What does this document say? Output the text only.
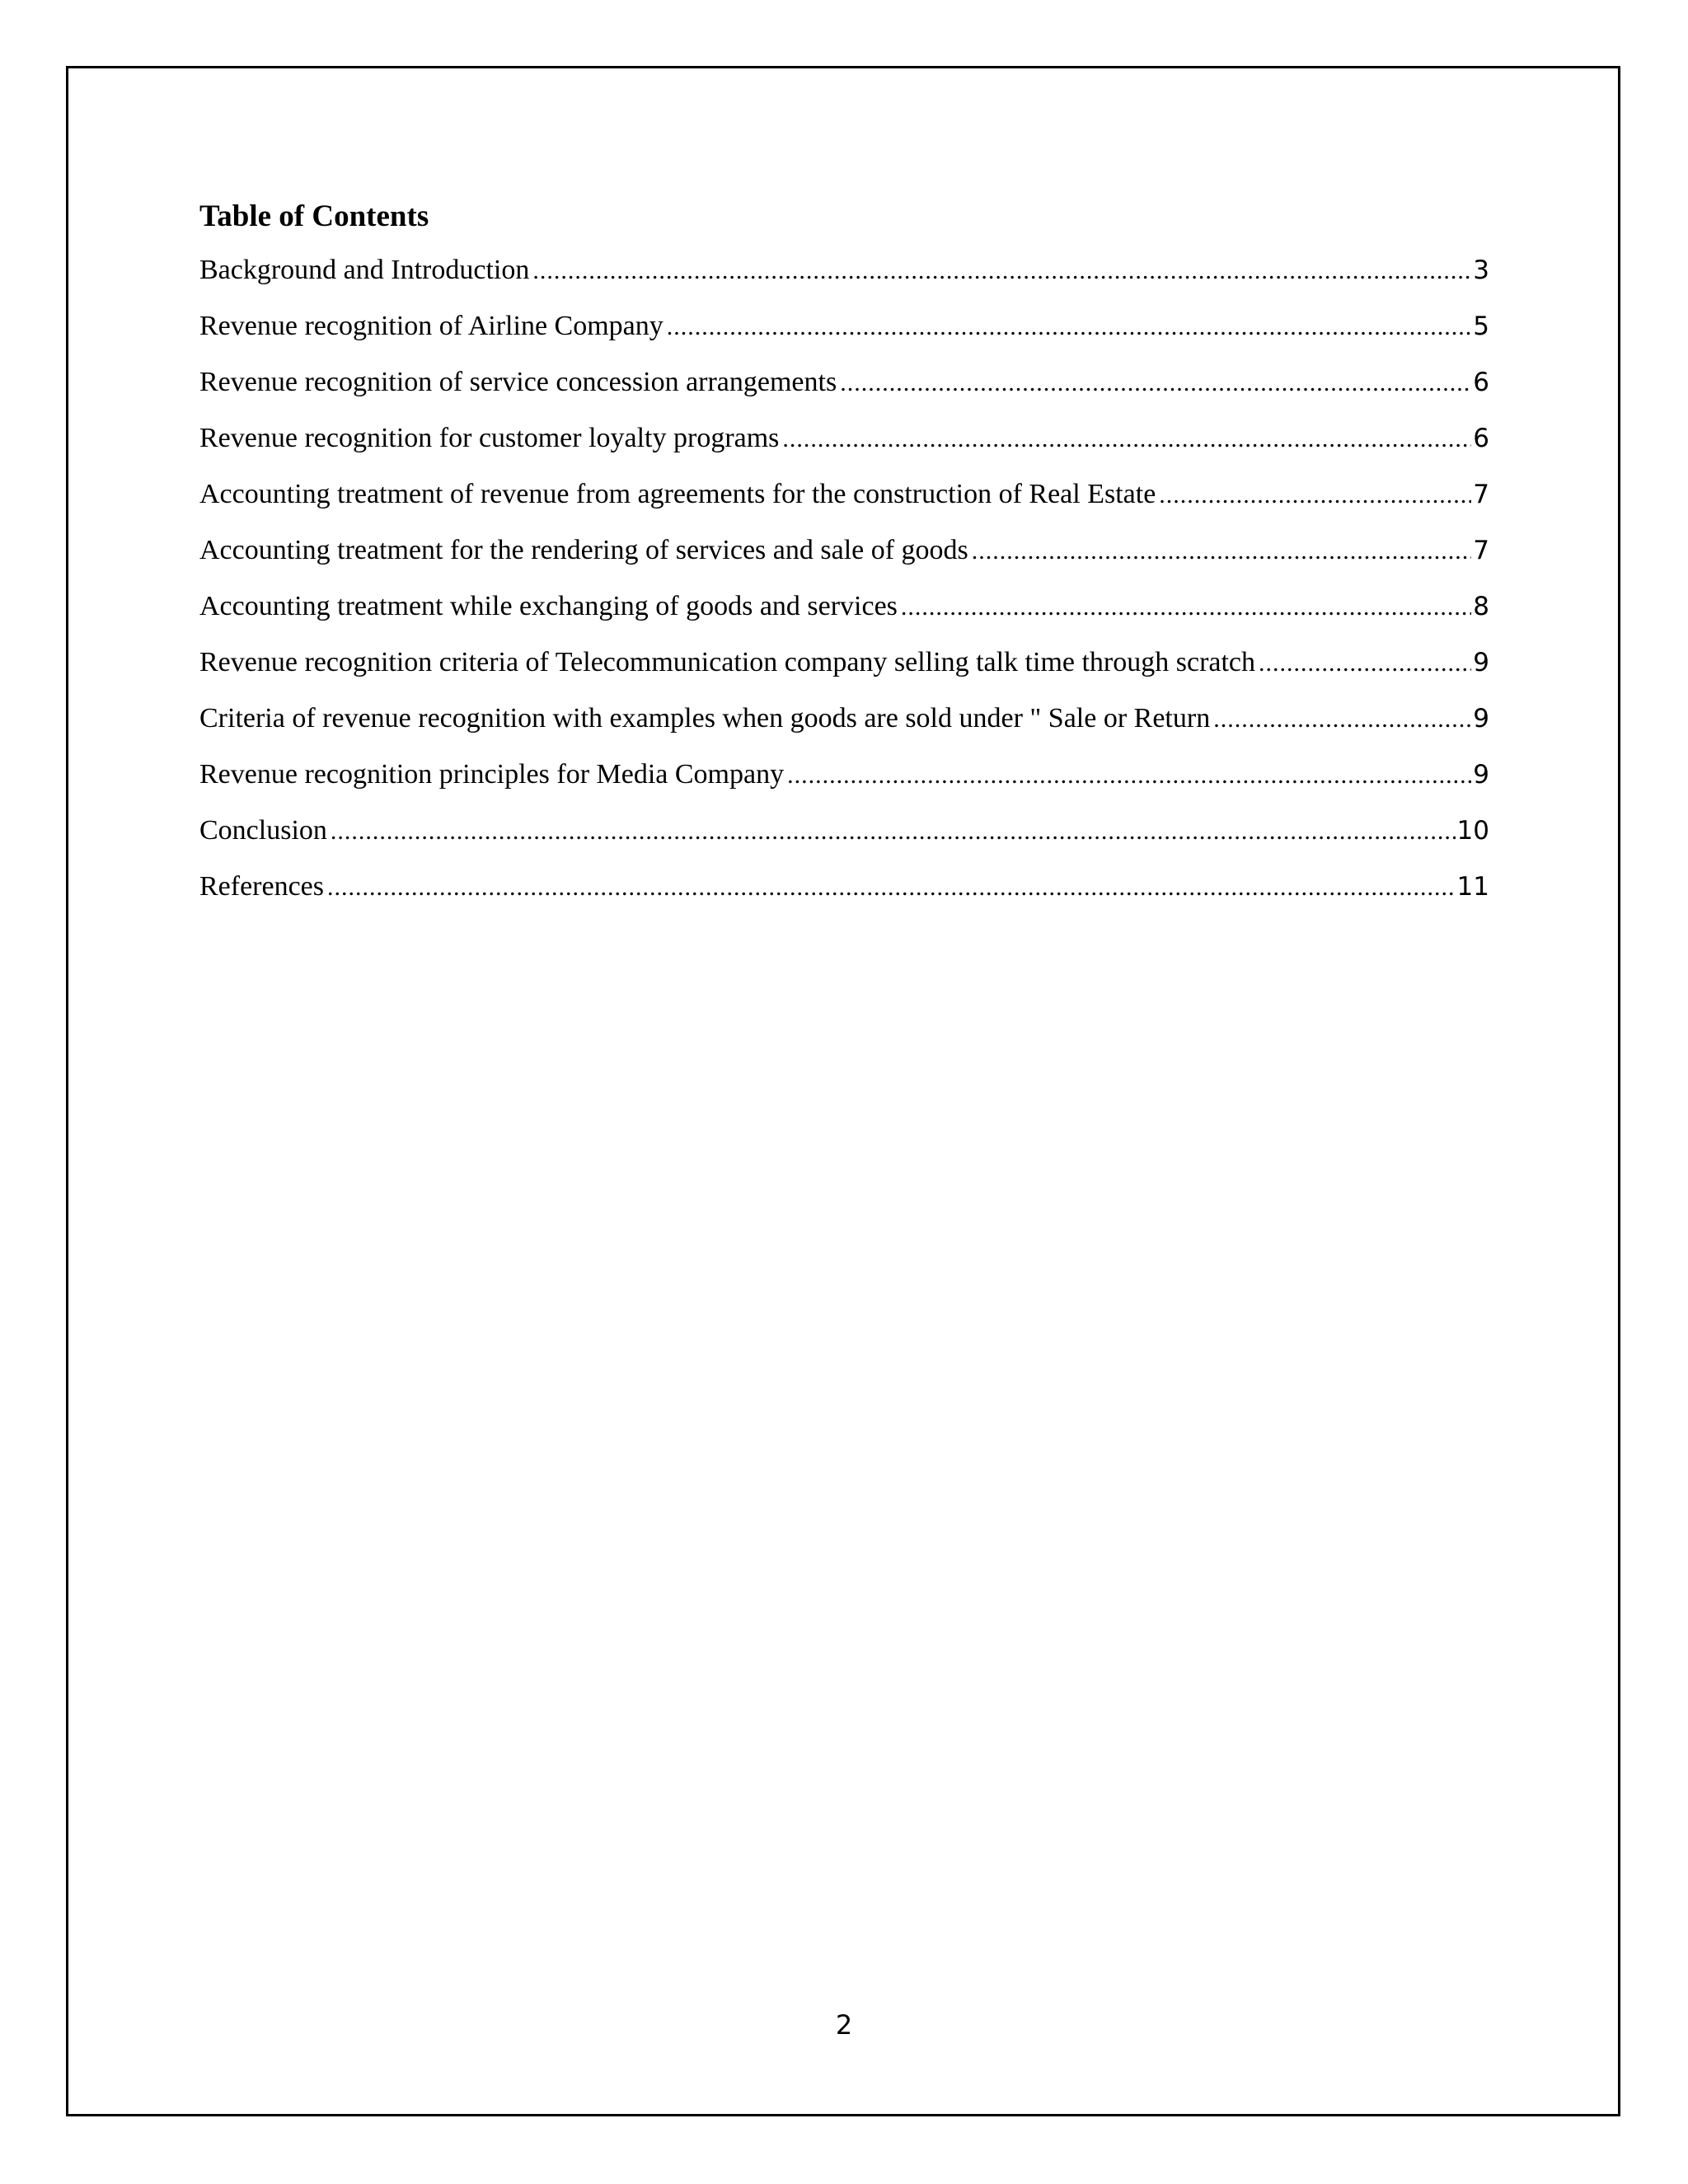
Table of Contents
Background and Introduction .....	3
Revenue recognition of Airline Company .....	5
Revenue recognition of service concession arrangements .....	6
Revenue recognition for customer loyalty programs .....	6
Accounting treatment of revenue from agreements for the construction of Real Estate .....	7
Accounting treatment for the rendering of services and sale of goods .....	7
Accounting treatment while exchanging of goods and services .....	8
Revenue recognition criteria of Telecommunication company selling talk time through scratch .....	9
Criteria of revenue recognition with examples when goods are sold under " Sale or Return .....	9
Revenue recognition principles for Media Company .....	9
Conclusion .....	10
References .....	11
2
